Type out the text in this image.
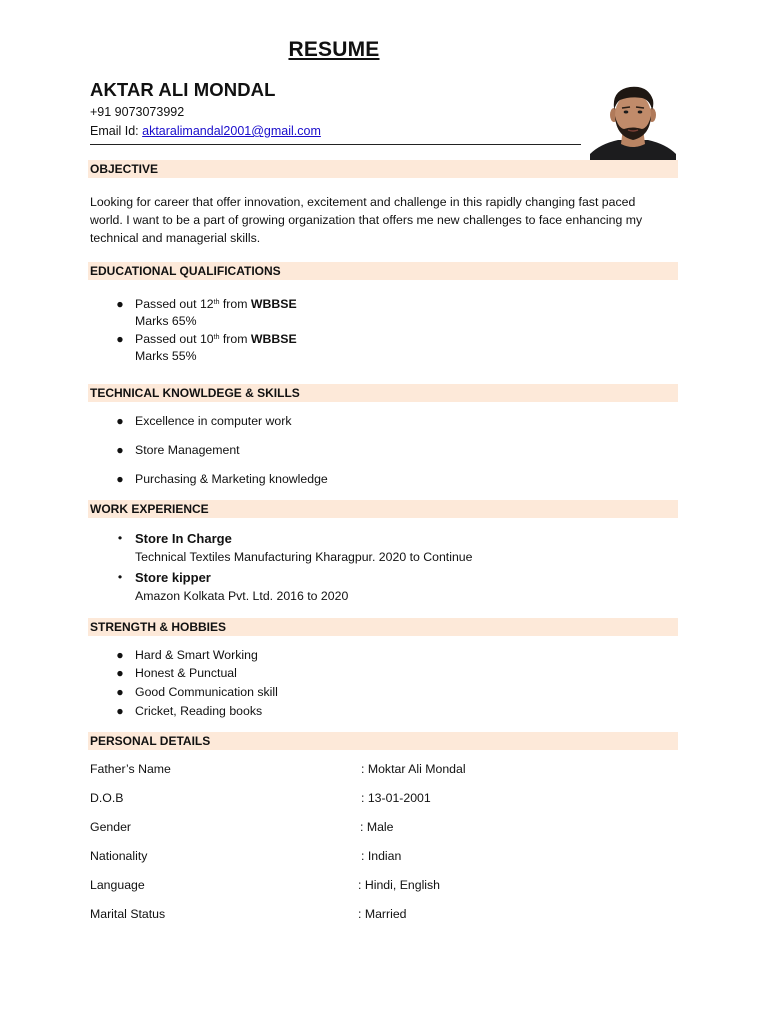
RESUME
AKTAR ALI MONDAL
+91 9073073992
Email Id: aktaralimandal2001@gmail.com
OBJECTIVE
Looking for career that offer innovation, excitement and challenge in this rapidly changing fast paced
world. I want to be a part of growing organization that offers me new challenges to face enhancing my
technical and managerial skills.
EDUCATIONAL QUALIFICATIONS
● Passed out 12th from WBBSE
Marks 65%
● Passed out 10th from WBBSE
Marks 55%
TECHNICAL KNOWLDEGE & SKILLS
● Excellence in computer work
● Store Management
● Purchasing & Marketing knowledge
WORK EXPERIENCE
• Store In Charge
Technical Textiles Manufacturing Kharagpur. 2020 to Continue
• Store kipper
Amazon Kolkata Pvt. Ltd. 2016 to 2020
STRENGTH & HOBBIES
● Hard & Smart Working
● Honest & Punctual
● Good Communication skill
● Cricket, Reading books
PERSONAL DETAILS
Father’s Name	: Moktar Ali Mondal
D.O.B	: 13-01-2001
Gender	: Male
Nationality	: Indian
Language	: Hindi, English
Marital Status	: Married
